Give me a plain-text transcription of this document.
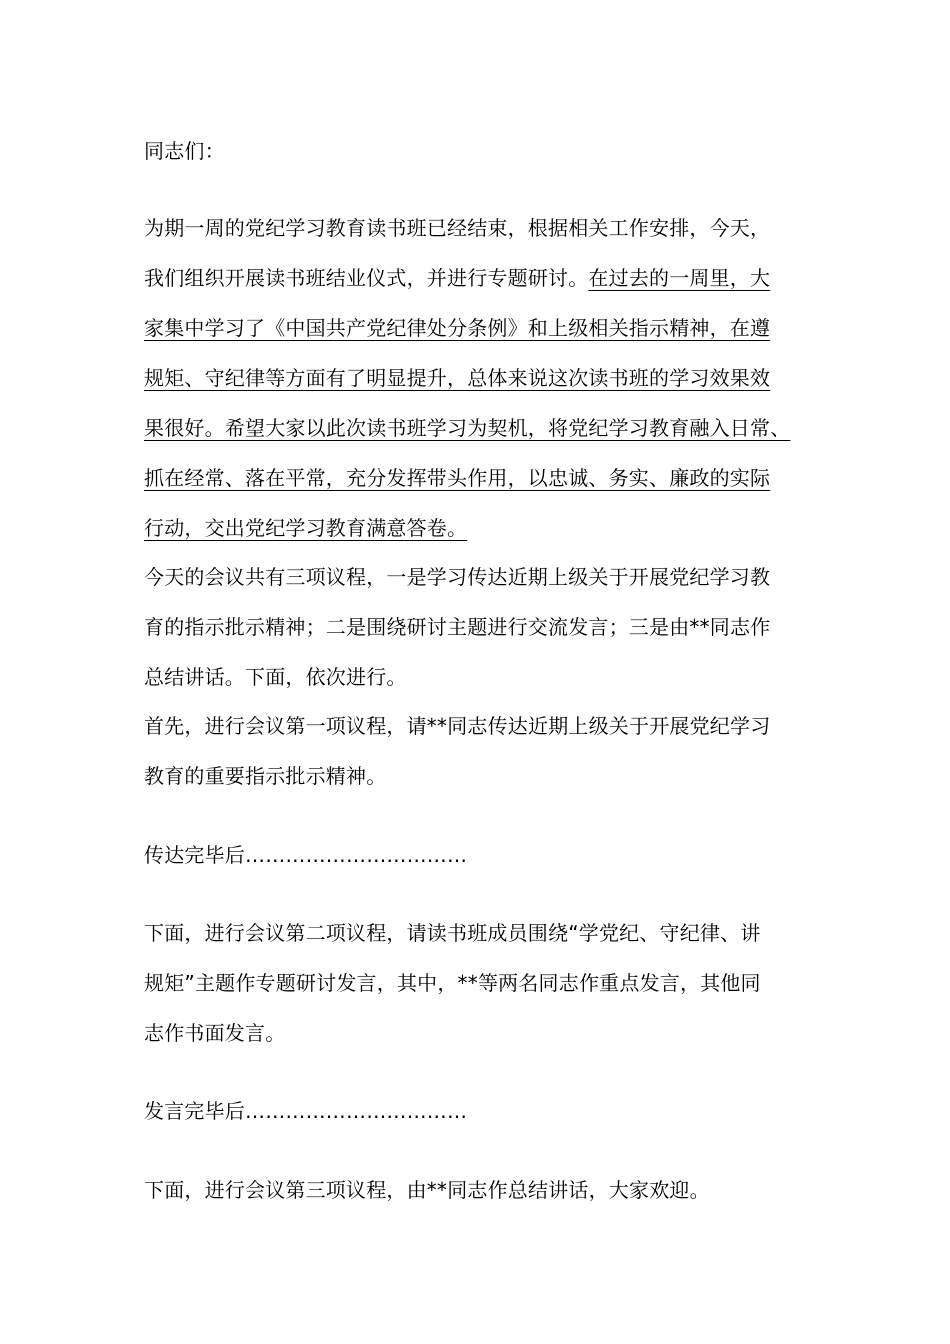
同志们：
为期一周的党纪学习教育读书班已经结束，根据相关工作安排，今天，
我们组织开展读书班结业仪式，并进行专题研讨。在过去的一周里，大
家集中学习了《中国共产党纪律处分条例》和上级相关指示精神，在遵
规矩、守纪律等方面有了明显提升，总体来说这次读书班的学习效果效
果很好。希望大家以此次读书班学习为契机，将党纪学习教育融入日常、
抓在经常、落在平常，充分发挥带头作用，以忠诚、务实、廉政的实际
行动，交出党纪学习教育满意答卷。
今天的会议共有三项议程，一是学习传达近期上级关于开展党纪学习教
育的指示批示精神；二是围绕研讨主题进行交流发言；三是由**同志作
总结讲话。下面，依次进行。
首先，进行会议第一项议程，请**同志传达近期上级关于开展党纪学习
教育的重要指示批示精神。
传达完毕后……………………………
下面，进行会议第二项议程，请读书班成员围绕“学党纪、守纪律、讲
规矩”主题作专题研讨发言，其中，**等两名同志作重点发言，其他同
志作书面发言。
发言完毕后……………………………
下面，进行会议第三项议程，由**同志作总结讲话，大家欢迎。
